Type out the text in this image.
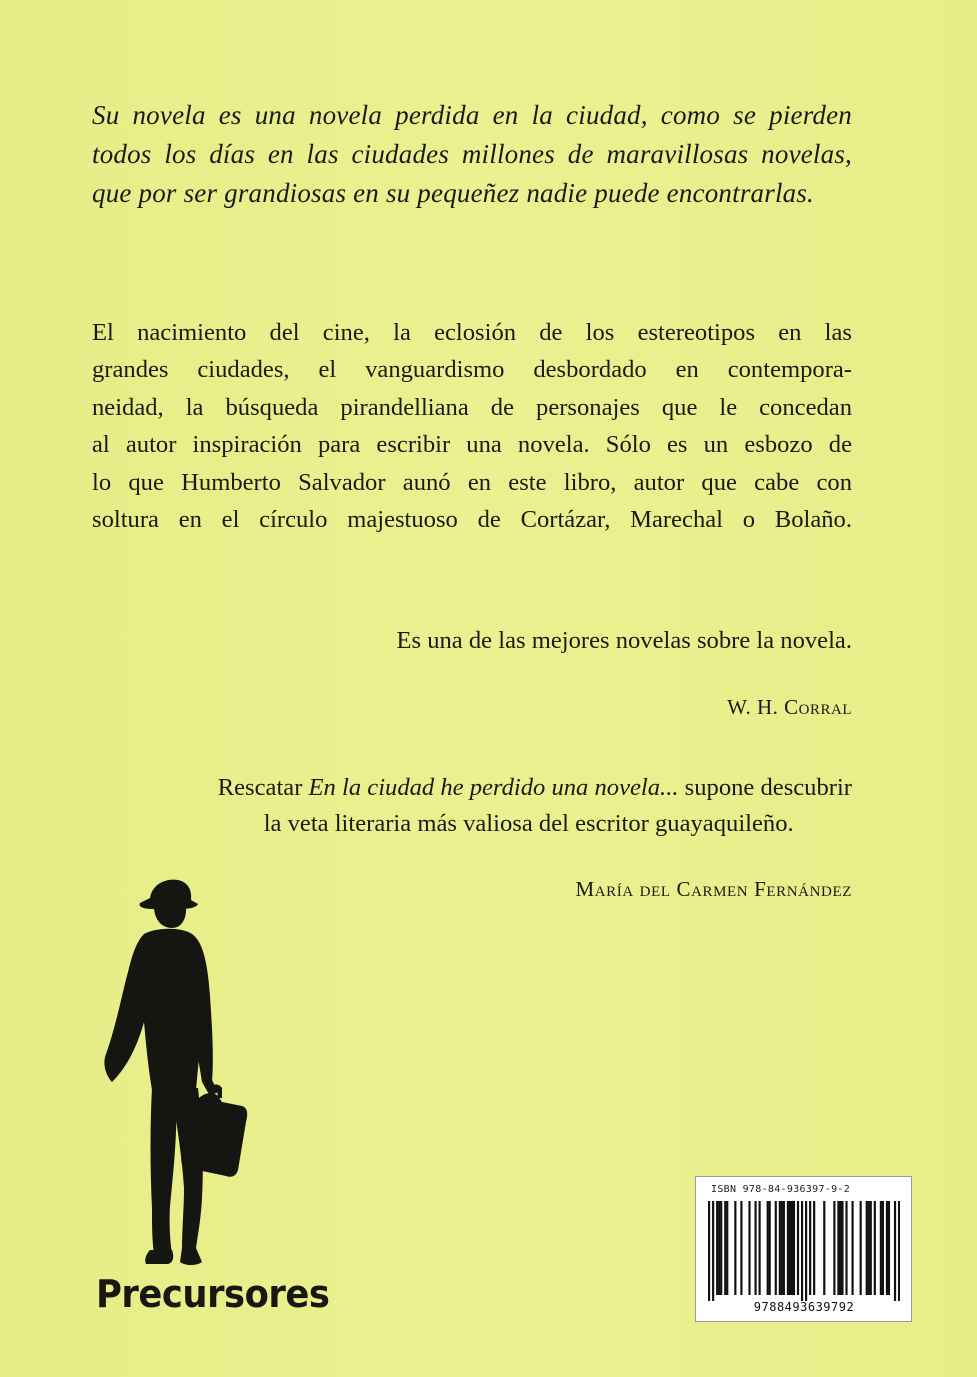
Su novela es una novela perdida en la ciudad, como se pierden
todos los días en las ciudades millones de maravillosas novelas,
que por ser grandiosas en su pequeñez nadie puede encontrarlas.
El nacimiento del cine, la eclosión de los estereotipos en las
grandes ciudades, el vanguardismo desbordado en contempora-
neidad, la búsqueda pirandelliana de personajes que le concedan
al autor inspiración para escribir una novela. Sólo es un esbozo de
lo que Humberto Salvador aunó en este libro, autor que cabe con
soltura en el círculo majestuoso de Cortázar, Marechal o Bolaño.
Es una de las mejores novelas sobre la novela.
W. H. Corral
Rescatar En la ciudad he perdido una novela... supone descubrir
la veta literaria más valiosa del escritor guayaquileño.
María del Carmen Fernández
Precursores
ISBN 978-84-936397-9-2
9788493639792
